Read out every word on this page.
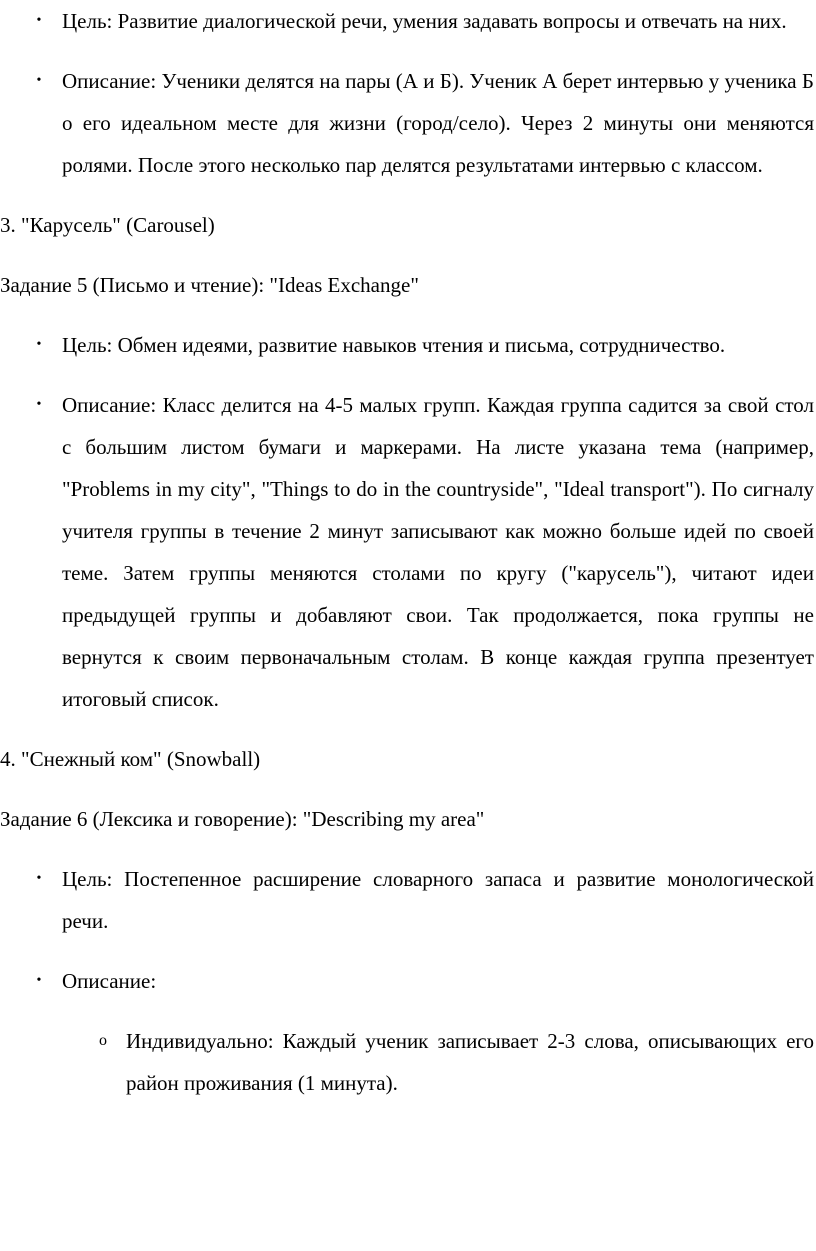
• Цель: Развитие диалогической речи, умения задавать вопросы и отвечать на них.
• Описание: Ученики делятся на пары (А и Б). Ученик А берет интервью у ученика Б о его идеальном месте для жизни (город/село). Через 2 минуты они меняются ролями. После этого несколько пар делятся результатами интервью с классом.
3. "Карусель" (Carousel)
Задание 5 (Письмо и чтение): "Ideas Exchange"
• Цель: Обмен идеями, развитие навыков чтения и письма, сотрудничество.
• Описание: Класс делится на 4-5 малых групп. Каждая группа садится за свой стол с большим листом бумаги и маркерами. На листе указана тема (например, "Problems in my city", "Things to do in the countryside", "Ideal transport"). По сигналу учителя группы в течение 2 минут записывают как можно больше идей по своей теме. Затем группы меняются столами по кругу ("карусель"), читают идеи предыдущей группы и добавляют свои. Так продолжается, пока группы не вернутся к своим первоначальным столам. В конце каждая группа презентует итоговый список.
4. "Снежный ком" (Snowball)
Задание 6 (Лексика и говорение): "Describing my area"
• Цель: Постепенное расширение словарного запаса и развитие монологической речи.
• Описание:
o Индивидуально: Каждый ученик записывает 2-3 слова, описывающих его район проживания (1 минута).
